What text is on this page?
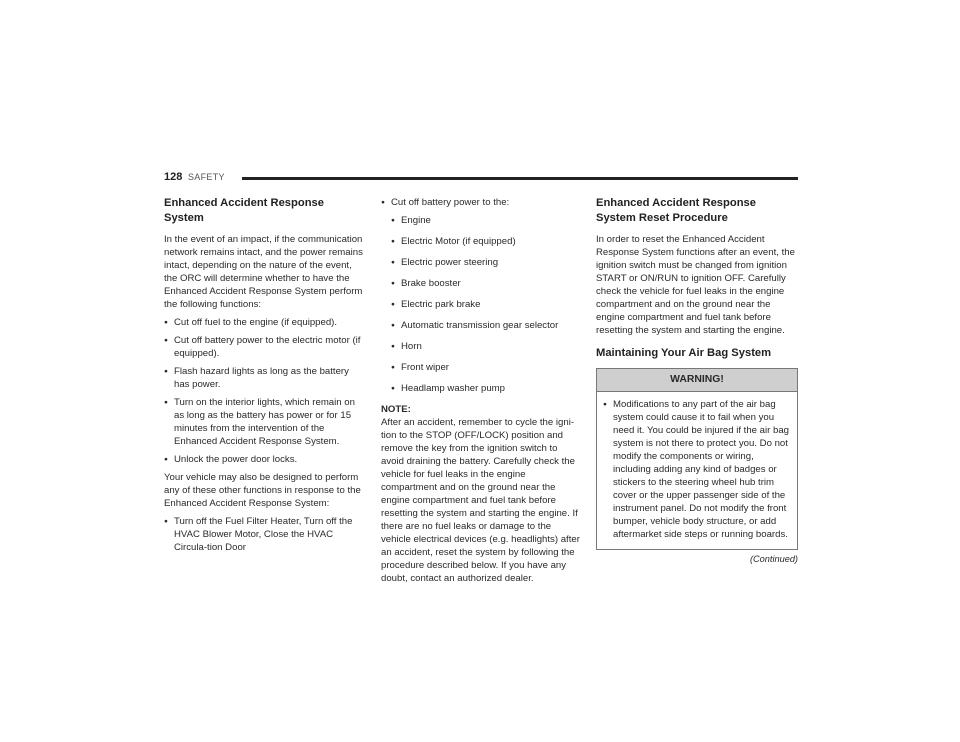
128 SAFETY
Enhanced Accident Response System

In the event of an impact, if the communication network remains intact, and the power remains intact, depending on the nature of the event, the ORC will determine whether to have the Enhanced Accident Response System perform the following functions:

● Cut off fuel to the engine (if equipped).
● Cut off battery power to the electric motor (if equipped).
● Flash hazard lights as long as the battery has power.
● Turn on the interior lights, which remain on as long as the battery has power or for 15 minutes from the intervention of the Enhanced Accident Response System.
● Unlock the power door locks.

Your vehicle may also be designed to perform any of these other functions in response to the Enhanced Accident Response System:

● Turn off the Fuel Filter Heater, Turn off the HVAC Blower Motor, Close the HVAC Circula-tion Door
● Cut off battery power to the:
● Engine
● Electric Motor (if equipped)
● Electric power steering
● Brake booster
● Electric park brake
● Automatic transmission gear selector
● Horn
● Front wiper
● Headlamp washer pump

NOTE:

After an accident, remember to cycle the igni-tion to the STOP (OFF/LOCK) position and remove the key from the ignition switch to avoid draining the battery. Carefully check the vehicle for fuel leaks in the engine compartment and on the ground near the engine compartment and fuel tank before resetting the system and starting the engine. If there are no fuel leaks or damage to the vehicle electrical devices (e.g. headlights) after an accident, reset the system by following the procedure described below. If you have any doubt, contact an authorized dealer.

Enhanced Accident Response System Reset Procedure

In order to reset the Enhanced Accident Response System functions after an event, the ignition switch must be changed from ignition START or ON/RUN to ignition OFF. Carefully check the vehicle for fuel leaks in the engine compartment and on the ground near the engine compartment and fuel tank before resetting the system and starting the engine.

Maintaining Your Air Bag System
WARNING!
● Modifications to any part of the air bag system could cause it to fail when you need it. You could be injured if the air bag system is not there to protect you. Do not modify the components or wiring, including adding any kind of badges or stickers to the steering wheel hub trim cover or the upper passenger side of the instrument panel. Do not modify the front bumper, vehicle body structure, or add aftermarket side steps or running boards.
(Continued)
